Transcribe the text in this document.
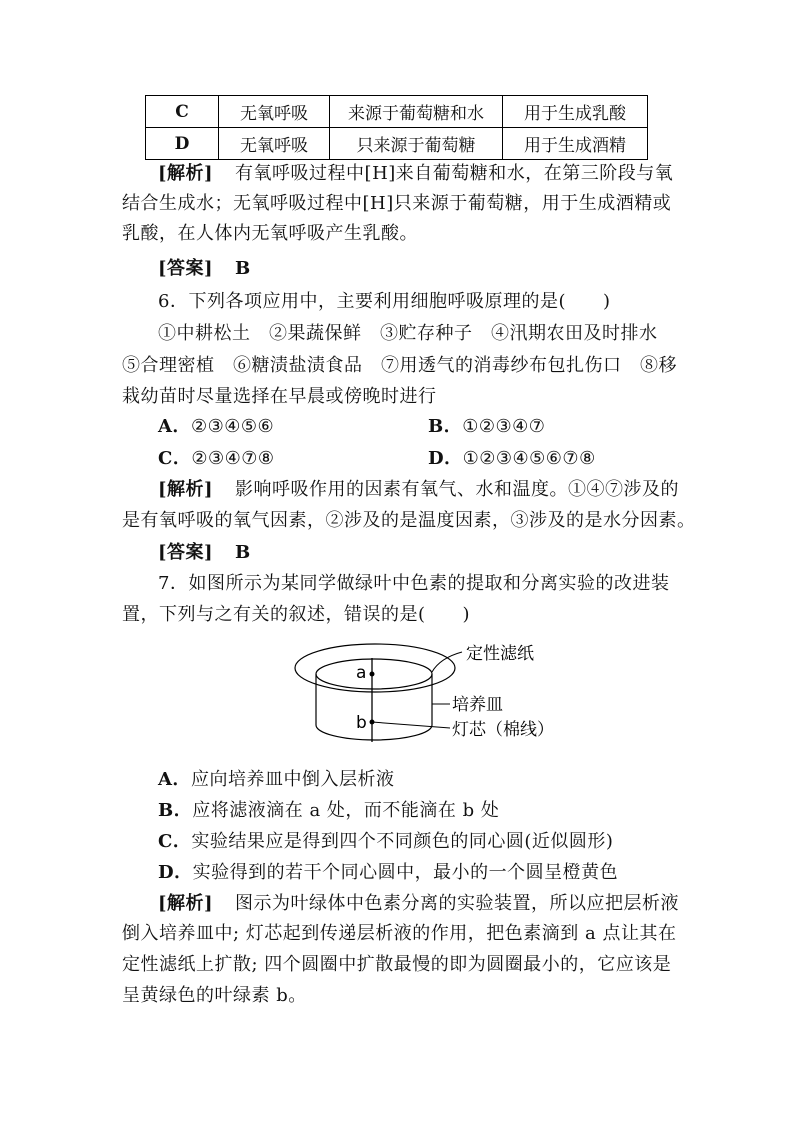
C	无氧呼吸	来源于葡萄糖和水	用于生成乳酸
D	无氧呼吸	只来源于葡萄糖	用于生成酒精
[解析] 有氧呼吸过程中[H]来自葡萄糖和水，在第三阶段与氧
结合生成水；无氧呼吸过程中[H]只来源于葡萄糖，用于生成酒精或
乳酸，在人体内无氧呼吸产生乳酸。
[答案] B
6．下列各项应用中，主要利用细胞呼吸原理的是(　　)
①中耕松土　②果蔬保鲜　③贮存种子　④汛期农田及时排水
⑤合理密植　⑥糖渍盐渍食品　⑦用透气的消毒纱布包扎伤口　⑧移
栽幼苗时尽量选择在早晨或傍晚时进行
A．②③④⑤⑥	B．①②③④⑦
C．②③④⑦⑧	D．①②③④⑤⑥⑦⑧
[解析] 影响呼吸作用的因素有氧气、水和温度。①④⑦涉及的
是有氧呼吸的氧气因素，②涉及的是温度因素，③涉及的是水分因素。
[答案] B
7．如图所示为某同学做绿叶中色素的提取和分离实验的改进装
置，下列与之有关的叙述，错误的是(　　)
a
b
定性滤纸
培养皿
灯芯（棉线）
A．应向培养皿中倒入层析液
B．应将滤液滴在 a 处，而不能滴在 b 处
C．实验结果应是得到四个不同颜色的同心圆(近似圆形)
D．实验得到的若干个同心圆中，最小的一个圆呈橙黄色
[解析] 图示为叶绿体中色素分离的实验装置，所以应把层析液
倒入培养皿中; 灯芯起到传递层析液的作用，把色素滴到 a 点让其在
定性滤纸上扩散; 四个圆圈中扩散最慢的即为圆圈最小的，它应该是
呈黄绿色的叶绿素 b。
